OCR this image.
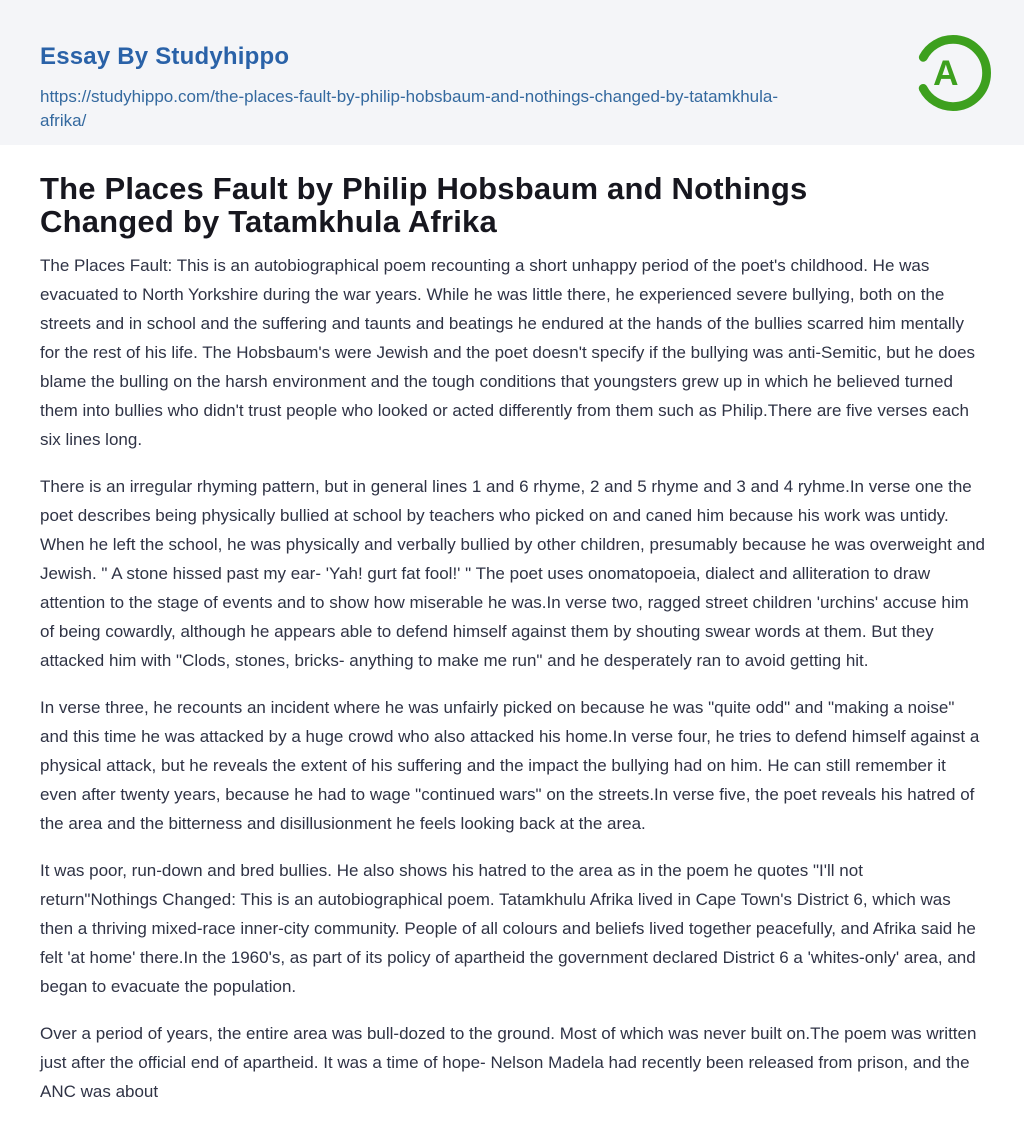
Essay By Studyhippo
https://studyhippo.com/the-places-fault-by-philip-hobsbaum-and-nothings-changed-by-tatamkhula-afrika/
A
The Places Fault by Philip Hobsbaum and Nothings Changed by Tatamkhula Afrika

The Places Fault: This is an autobiographical poem recounting a short unhappy period of the poet's childhood. He was evacuated to North Yorkshire during the war years. While he was little there, he experienced severe bullying, both on the streets and in school and the suffering and taunts and beatings he endured at the hands of the bullies scarred him mentally for the rest of his life. The Hobsbaum's were Jewish and the poet doesn't specify if the bullying was anti-Semitic, but he does blame the bulling on the harsh environment and the tough conditions that youngsters grew up in which he believed turned them into bullies who didn't trust people who looked or acted differently from them such as Philip.There are five verses each six lines long.

There is an irregular rhyming pattern, but in general lines 1 and 6 rhyme, 2 and 5 rhyme and 3 and 4 ryhme.In verse one the poet describes being physically bullied at school by teachers who picked on and caned him because his work was untidy. When he left the school, he was physically and verbally bullied by other children, presumably because he was overweight and Jewish. " A stone hissed past my ear- 'Yah! gurt fat fool!' " The poet uses onomatopoeia, dialect and alliteration to draw attention to the stage of events and to show how miserable he was.In verse two, ragged street children 'urchins' accuse him of being cowardly, although he appears able to defend himself against them by shouting swear words at them. But they attacked him with "Clods, stones, bricks- anything to make me run" and he desperately ran to avoid getting hit.

In verse three, he recounts an incident where he was unfairly picked on because he was "quite odd" and "making a noise" and this time he was attacked by a huge crowd who also attacked his home.In verse four, he tries to defend himself against a physical attack, but he reveals the extent of his suffering and the impact the bullying had on him. He can still remember it even after twenty years, because he had to wage "continued wars" on the streets.In verse five, the poet reveals his hatred of the area and the bitterness and disillusionment he feels looking back at the area.

It was poor, run-down and bred bullies. He also shows his hatred to the area as in the poem he quotes "I'll not return"Nothings Changed: This is an autobiographical poem. Tatamkhulu Afrika lived in Cape Town's District 6, which was then a thriving mixed-race inner-city community. People of all colours and beliefs lived together peacefully, and Afrika said he felt 'at home' there.In the 1960's, as part of its policy of apartheid the government declared District 6 a 'whites-only' area, and began to evacuate the population.

Over a period of years, the entire area was bull-dozed to the ground. Most of which was never built on.The poem was written just after the official end of apartheid. It was a time of hope- Nelson Madela had recently been released from prison, and the ANC was about
